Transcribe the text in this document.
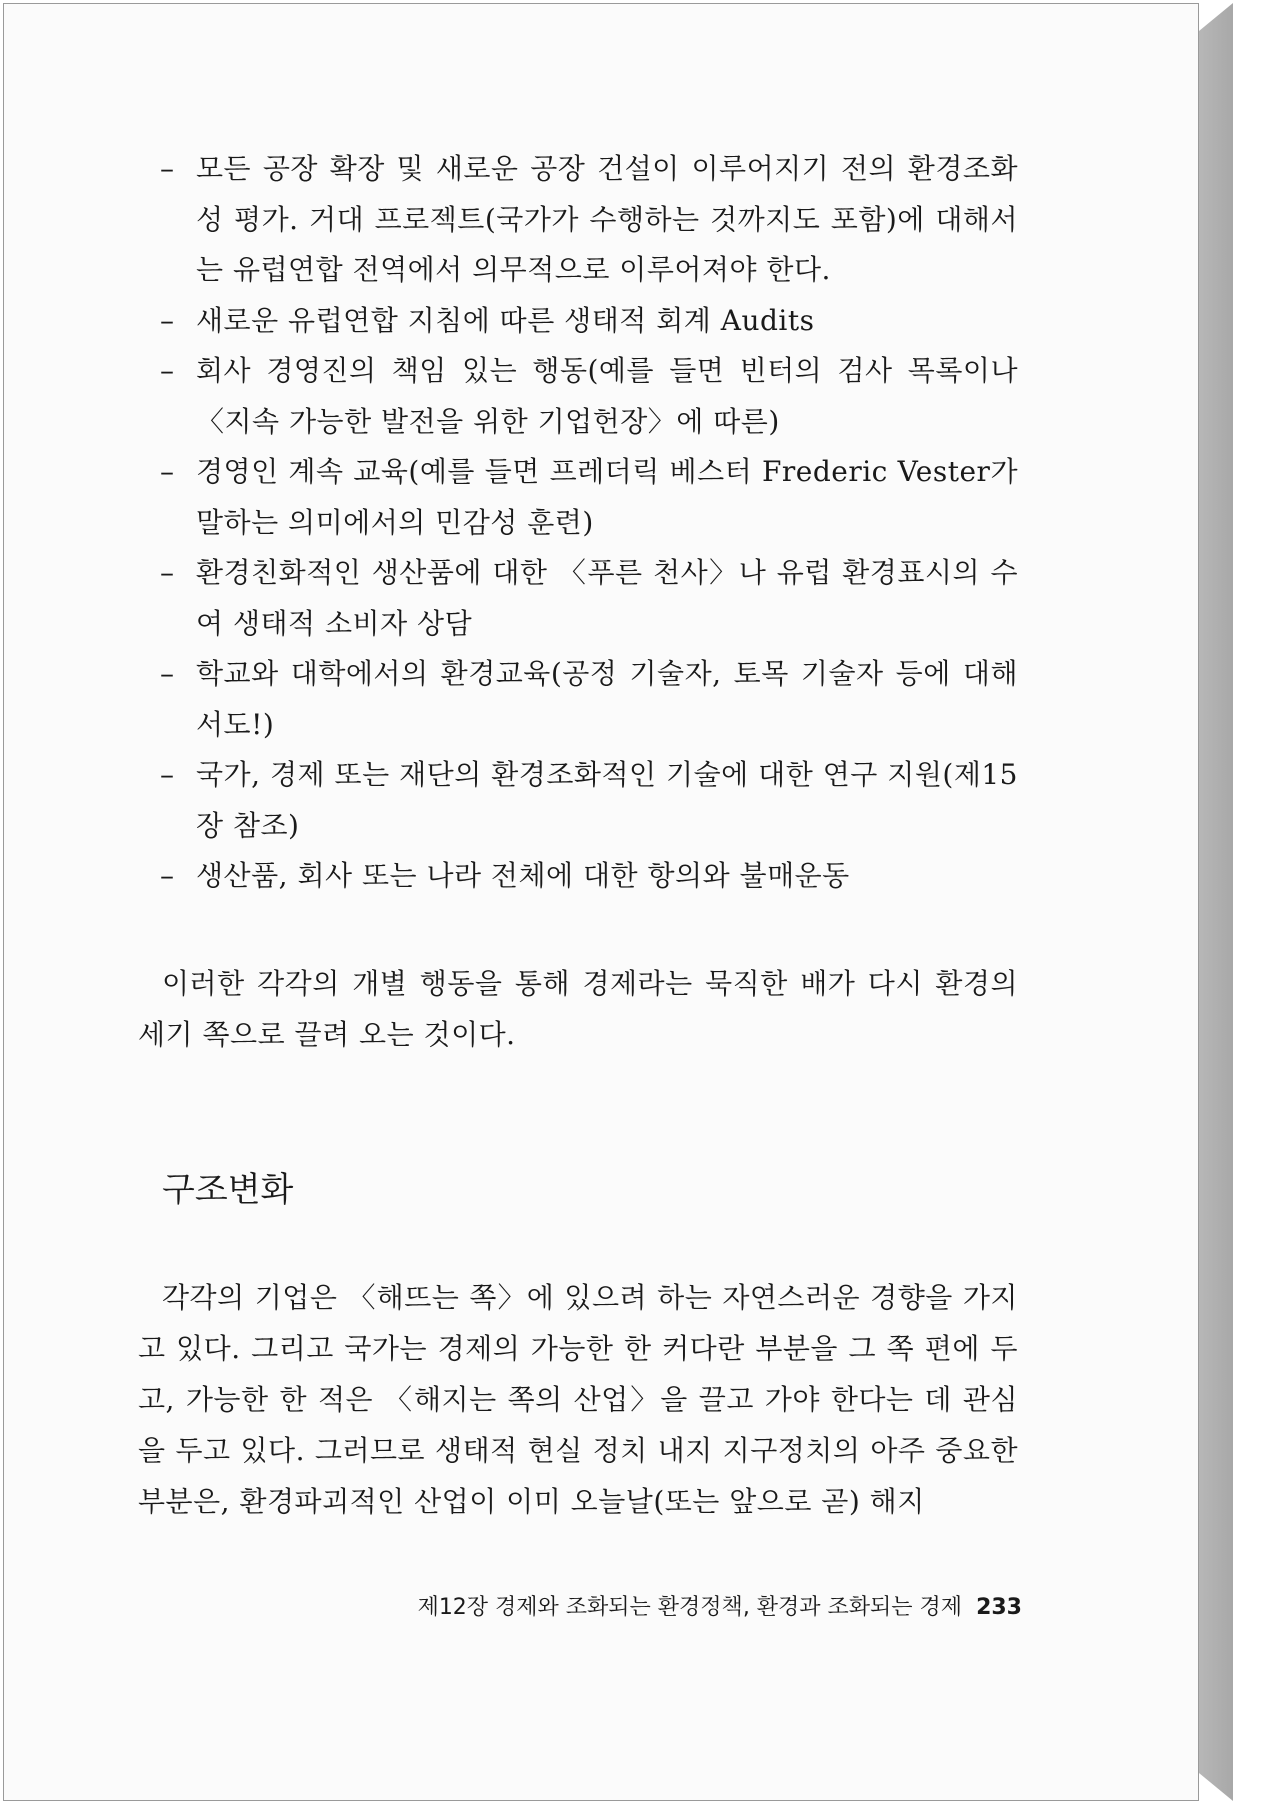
– 모든 공장 확장 및 새로운 공장 건설이 이루어지기 전의 환경조화성 평가. 거대 프로젝트(국가가 수행하는 것까지도 포함)에 대해서는 유럽연합 전역에서 의무적으로 이루어져야 한다.
– 새로운 유럽연합 지침에 따른 생태적 회계 Audits
– 회사 경영진의 책임 있는 행동(예를 들면 빈터의 검사 목록이나 〈지속 가능한 발전을 위한 기업헌장〉에 따른)
– 경영인 계속 교육(예를 들면 프레더릭 베스터 Frederic Vester가 말하는 의미에서의 민감성 훈련)
– 환경친화적인 생산품에 대한 〈푸른 천사〉나 유럽 환경표시의 수여 생태적 소비자 상담
– 학교와 대학에서의 환경교육(공정 기술자, 토목 기술자 등에 대해서도!)
– 국가, 경제 또는 재단의 환경조화적인 기술에 대한 연구 지원(제15장 참조)
– 생산품, 회사 또는 나라 전체에 대한 항의와 불매운동

이러한 각각의 개별 행동을 통해 경제라는 묵직한 배가 다시 환경의 세기 쪽으로 끌려 오는 것이다.

구조변화

각각의 기업은 〈해뜨는 쪽〉에 있으려 하는 자연스러운 경향을 가지고 있다. 그리고 국가는 경제의 가능한 한 커다란 부분을 그 쪽 편에 두고, 가능한 한 적은 〈해지는 쪽의 산업〉을 끌고 가야 한다는 데 관심을 두고 있다. 그러므로 생태적 현실 정치 내지 지구정치의 아주 중요한 부분은, 환경파괴적인 산업이 이미 오늘날(또는 앞으로 곧) 해지

제12장 경제와 조화되는 환경정책, 환경과 조화되는 경제 233
